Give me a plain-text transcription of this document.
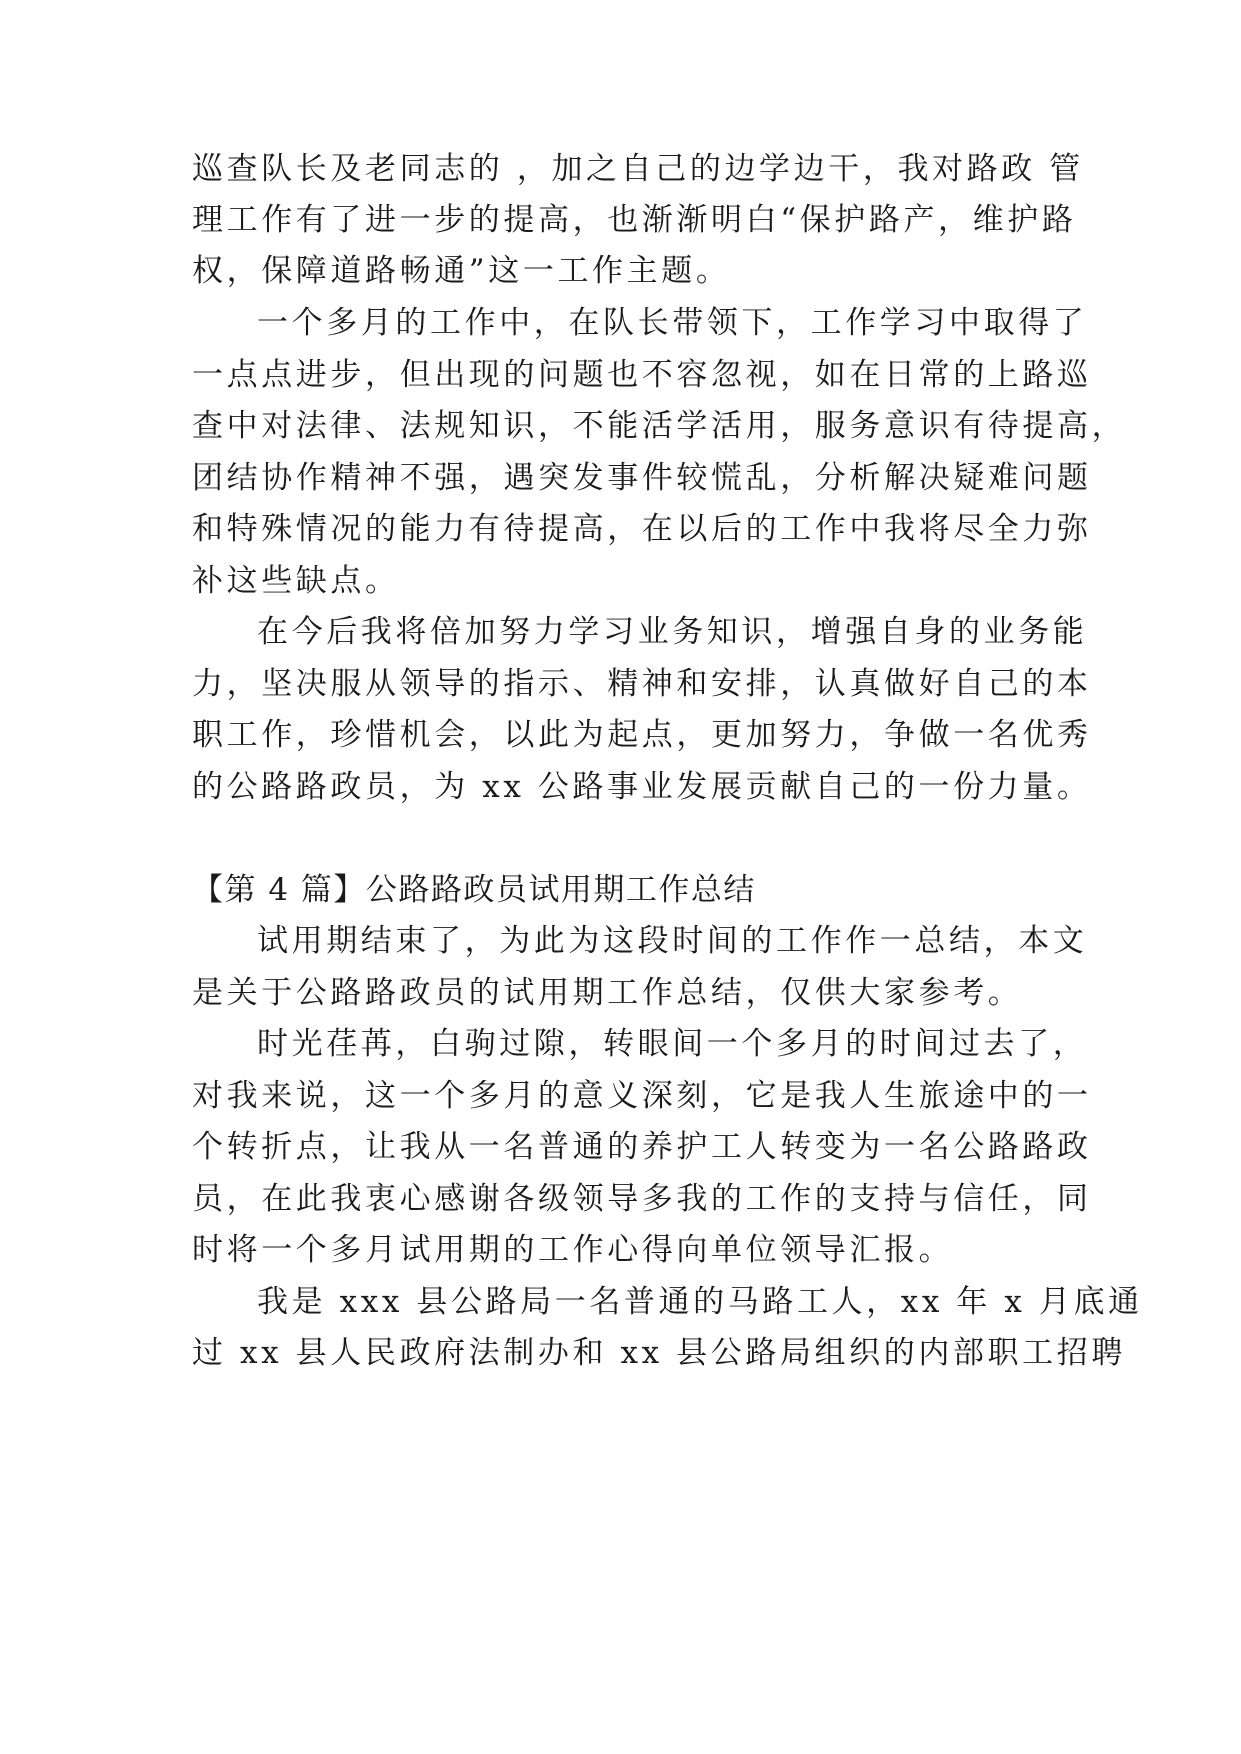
巡查队长及老同志的 ，加之自己的边学边干，我对路政 管
理工作有了进一步的提高，也渐渐明白“保护路产，维护路
权，保障道路畅通”这一工作主题。
一个多月的工作中，在队长带领下，工作学习中取得了
一点点进步，但出现的问题也不容忽视，如在日常的上路巡
查中对法律、法规知识，不能活学活用，服务意识有待提高，
团结协作精神不强，遇突发事件较慌乱，分析解决疑难问题
和特殊情况的能力有待提高，在以后的工作中我将尽全力弥
补这些缺点。
在今后我将倍加努力学习业务知识，增强自身的业务能
力，坚决服从领导的指示、精神和安排，认真做好自己的本
职工作，珍惜机会，以此为起点，更加努力，争做一名优秀
的公路路政员，为 xx 公路事业发展贡献自己的一份力量。
【第 4 篇】公路路政员试用期工作总结
试用期结束了，为此为这段时间的工作作一总结，本文
是关于公路路政员的试用期工作总结，仅供大家参考。
时光荏苒，白驹过隙，转眼间一个多月的时间过去了，
对我来说，这一个多月的意义深刻，它是我人生旅途中的一
个转折点，让我从一名普通的养护工人转变为一名公路路政
员，在此我衷心感谢各级领导多我的工作的支持与信任，同
时将一个多月试用期的工作心得向单位领导汇报。
我是 xxx 县公路局一名普通的马路工人，xx 年 x 月底通
过 xx 县人民政府法制办和 xx 县公路局组织的内部职工招聘
